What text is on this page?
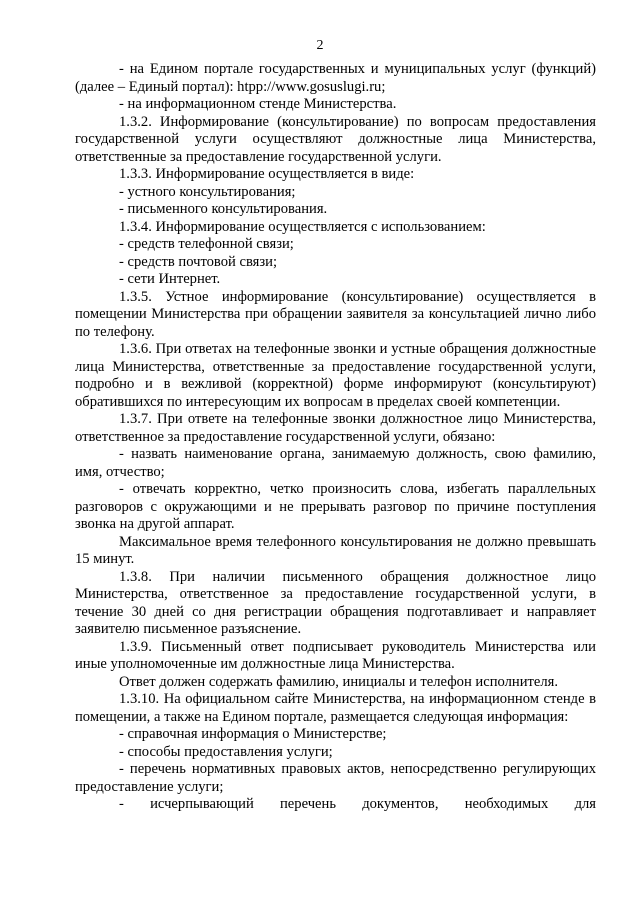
2

- на Едином портале государственных и муниципальных услуг (функций) (далее – Единый портал): htpp://www.gosuslugi.ru;

- на информационном стенде Министерства.

1.3.2. Информирование (консультирование) по вопросам предоставления государственной услуги осуществляют должностные лица Министерства, ответственные за предоставление государственной услуги.

1.3.3. Информирование осуществляется в виде:

- устного консультирования;

- письменного консультирования.

1.3.4. Информирование осуществляется с использованием:

- средств телефонной связи;

- средств почтовой связи;

- сети Интернет.

1.3.5. Устное информирование (консультирование) осуществляется в помещении Министерства при обращении заявителя за консультацией лично либо по телефону.

1.3.6. При ответах на телефонные звонки и устные обращения должностные лица Министерства, ответственные за предоставление государственной услуги, подробно и в вежливой (корректной) форме информируют (консультируют) обратившихся по интересующим их вопросам в пределах своей компетенции.

1.3.7. При ответе на телефонные звонки должностное лицо Министерства, ответственное за предоставление государственной услуги, обязано:

- назвать наименование органа, занимаемую должность, свою фамилию, имя, отчество;

- отвечать корректно, четко произносить слова, избегать параллельных разговоров с окружающими и не прерывать разговор по причине поступления звонка на другой аппарат.

Максимальное время телефонного консультирования не должно превышать 15 минут.

1.3.8. При наличии письменного обращения должностное лицо Министерства, ответственное за предоставление государственной услуги, в течение 30 дней со дня регистрации обращения подготавливает и направляет заявителю письменное разъяснение.

1.3.9. Письменный ответ подписывает руководитель Министерства или иные уполномоченные им должностные лица Министерства.

Ответ должен содержать фамилию, инициалы и телефон исполнителя.

1.3.10. На официальном сайте Министерства, на информационном стенде в помещении, а также на Едином портале, размещается следующая информация:

- справочная информация о Министерстве;

- способы предоставления услуги;

- перечень нормативных правовых актов, непосредственно регулирующих предоставление услуги;

- исчерпывающий перечень документов, необходимых для
